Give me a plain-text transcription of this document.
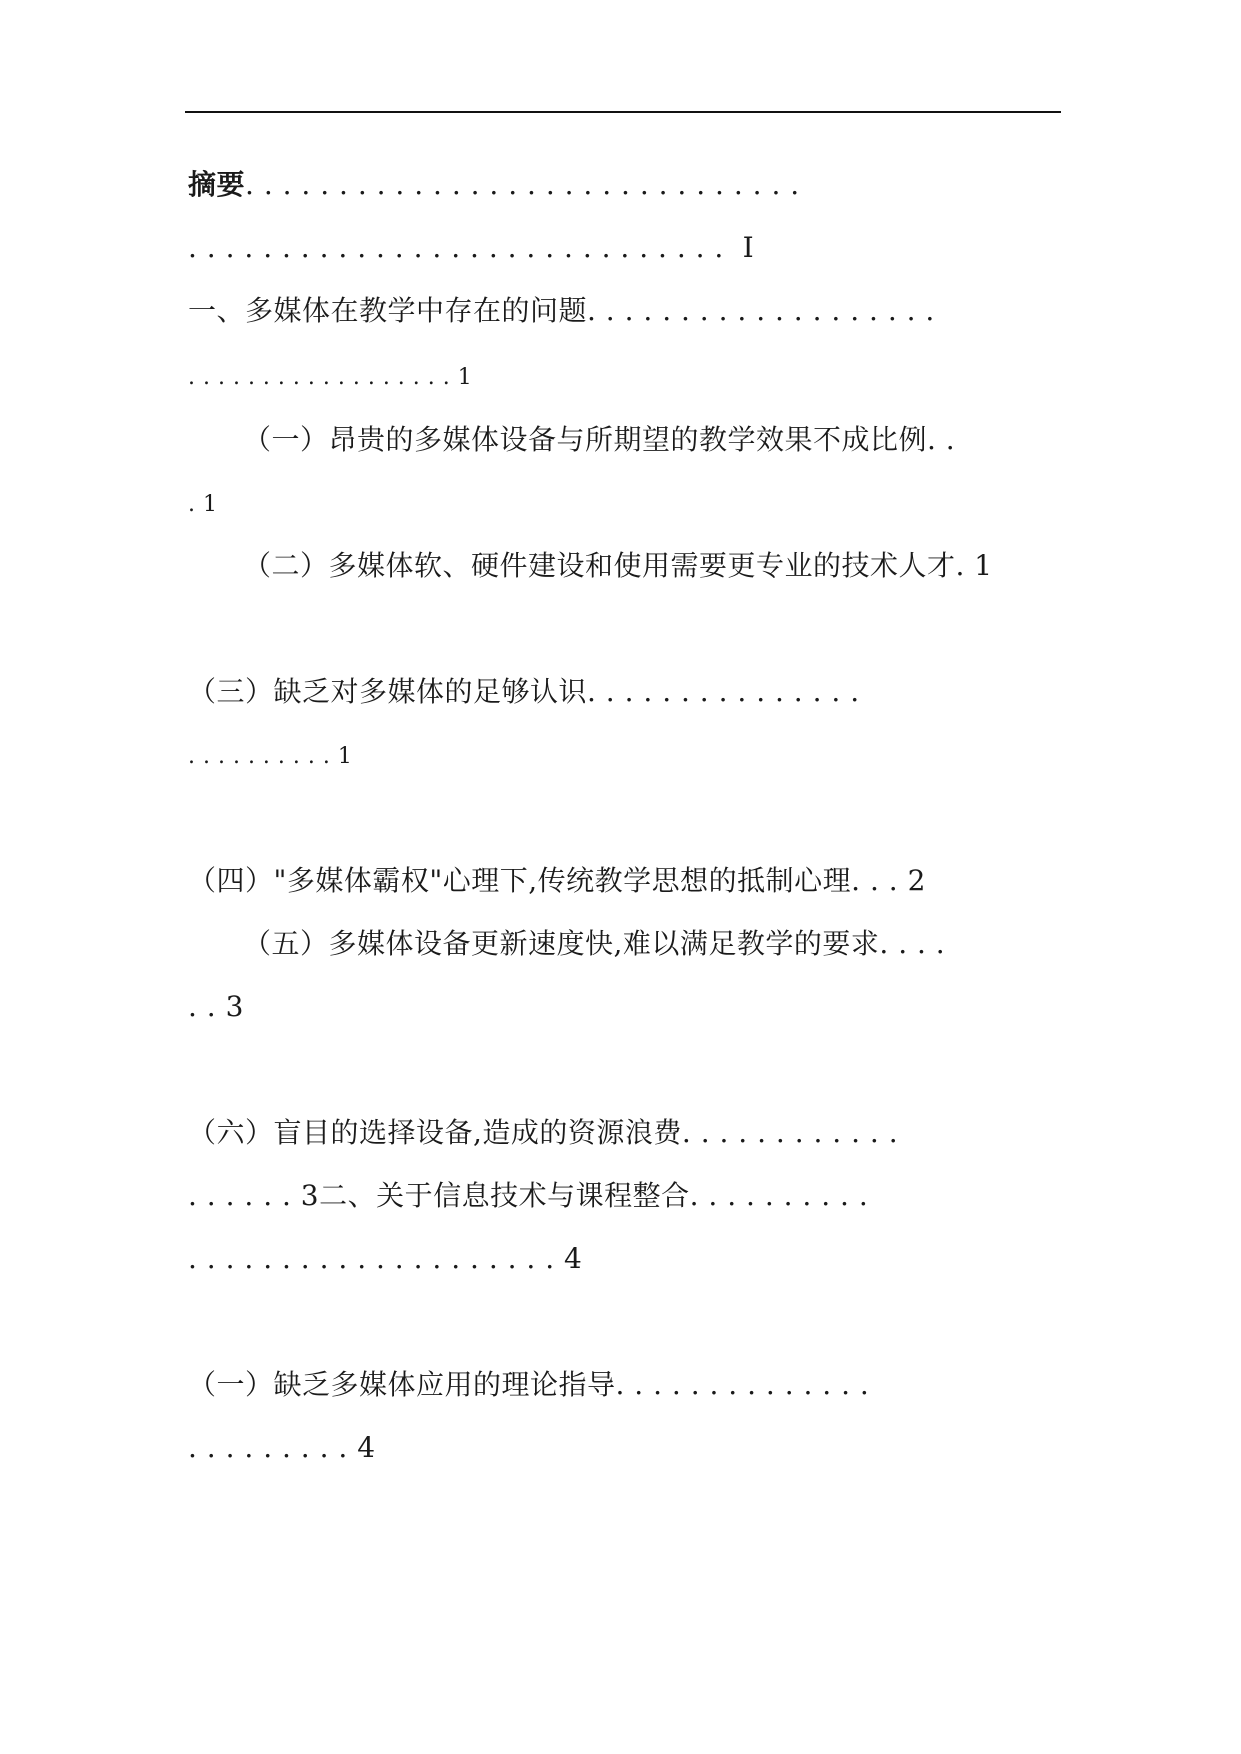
摘要. . . . . . . . . . . . . . . . . . . . . . . . . . . . . .
. . . . . . . . . . . . . . . . . . . . . . . . . . . . .  I
一、多媒体在教学中存在的问题. . . . . . . . . . . . . . . . . . .
. . . . . . . . . . . . . . . . . . 1
（一）昂贵的多媒体设备与所期望的教学效果不成比例. .
. 1
（二）多媒体软、硬件建设和使用需要更专业的技术人才. 1
（三）缺乏对多媒体的足够认识. . . . . . . . . . . . . . .
. . . . . . . . . . 1
（四）"多媒体霸权"心理下,传统教学思想的抵制心理. . . 2
（五）多媒体设备更新速度快,难以满足教学的要求. . . .
. . 3
（六）盲目的选择设备,造成的资源浪费. . . . . . . . . . . .
. . . . . . 3二、关于信息技术与课程整合. . . . . . . . . .
. . . . . . . . . . . . . . . . . . . . 4
（一）缺乏多媒体应用的理论指导. . . . . . . . . . . . . .
. . . . . . . . . 4
